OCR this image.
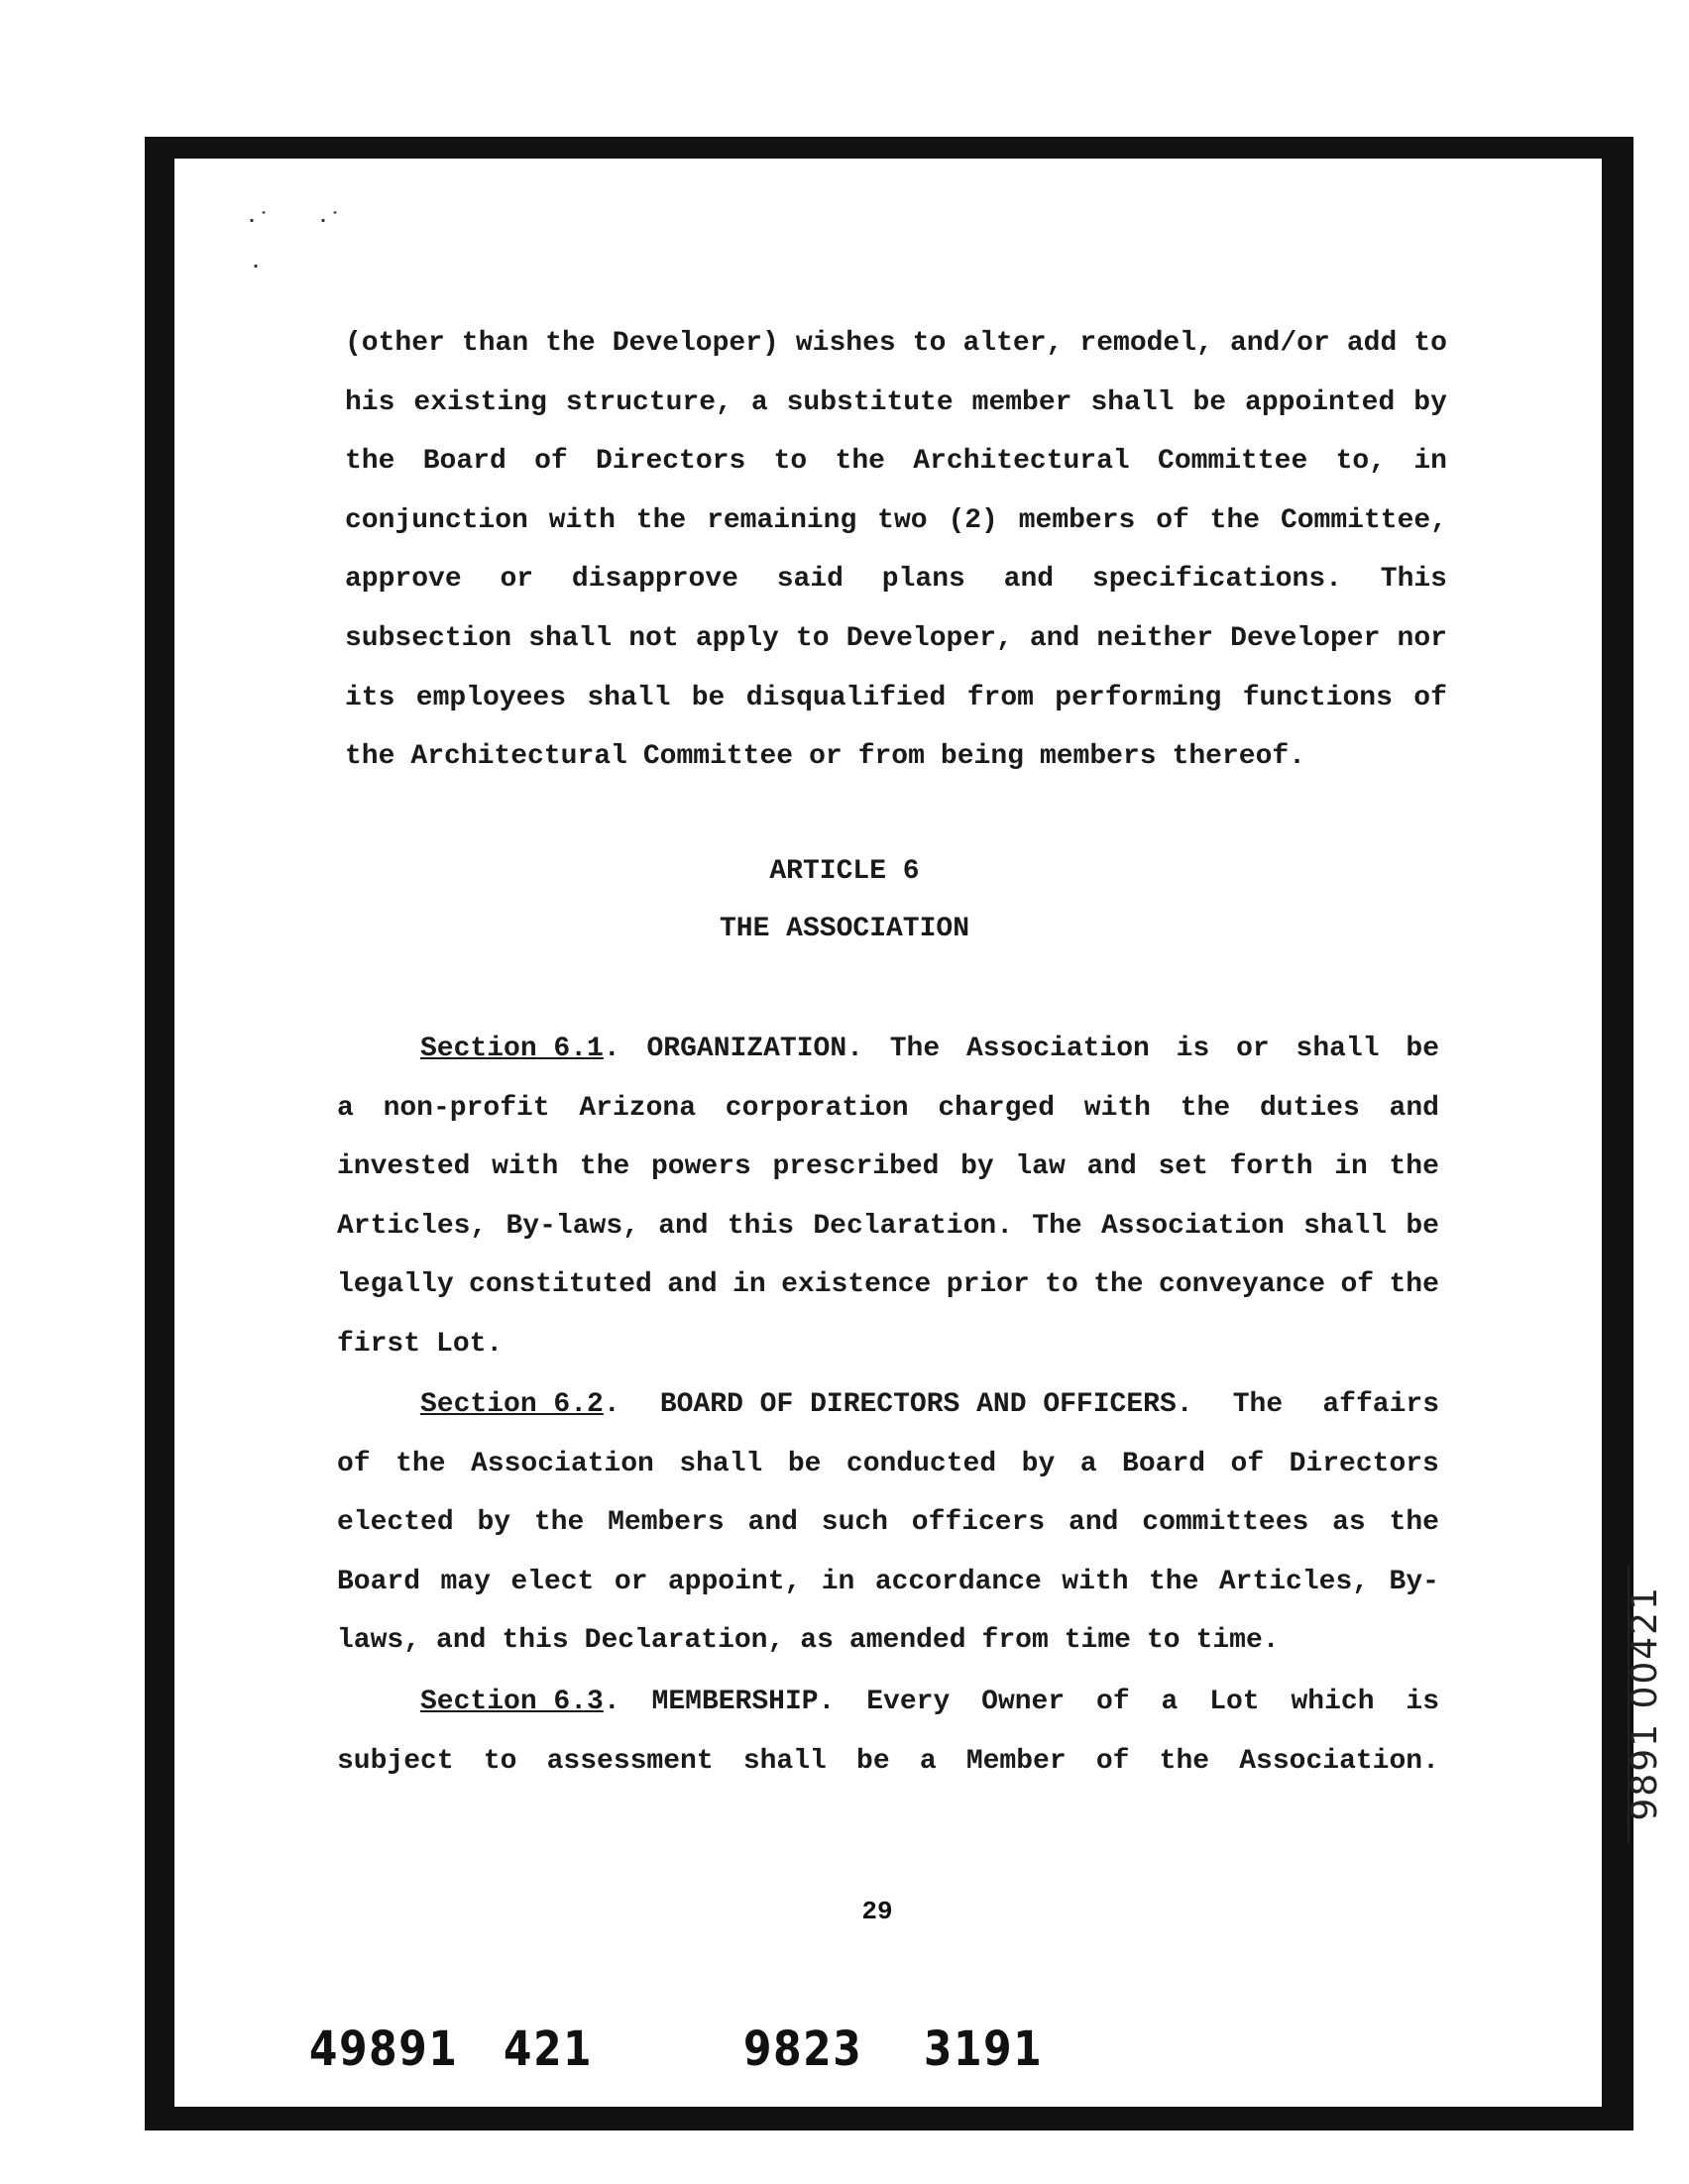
·˙    ·˙
·
(other than the Developer) wishes to alter, remodel, and/or add to
his existing structure, a substitute member shall be appointed by
the Board of Directors to the Architectural Committee to, in
conjunction with the remaining two (2) members of the Committee,
approve or disapprove said plans and specifications. This
subsection shall not apply to Developer, and neither Developer nor
its employees shall be disqualified from performing functions of
the Architectural Committee or from being members thereof.
ARTICLE 6
THE ASSOCIATION
Section 6.1. ORGANIZATION. The Association is or shall be
a non-profit Arizona corporation charged with the duties and
invested with the powers prescribed by law and set forth in the
Articles, By-laws, and this Declaration. The Association shall be
legally constituted and in existence prior to the conveyance of the
first Lot.
Section 6.2. BOARD OF DIRECTORS AND OFFICERS. The affairs
of the Association shall be conducted by a Board of Directors
elected by the Members and such officers and committees as the
Board may elect or appoint, in accordance with the Articles, By-
laws, and this Declaration, as amended from time to time.
Section 6.3. MEMBERSHIP. Every Owner of a Lot which is
subject to assessment shall be a Member of the Association.
29
49891 421	9823 3191
9891 00421
